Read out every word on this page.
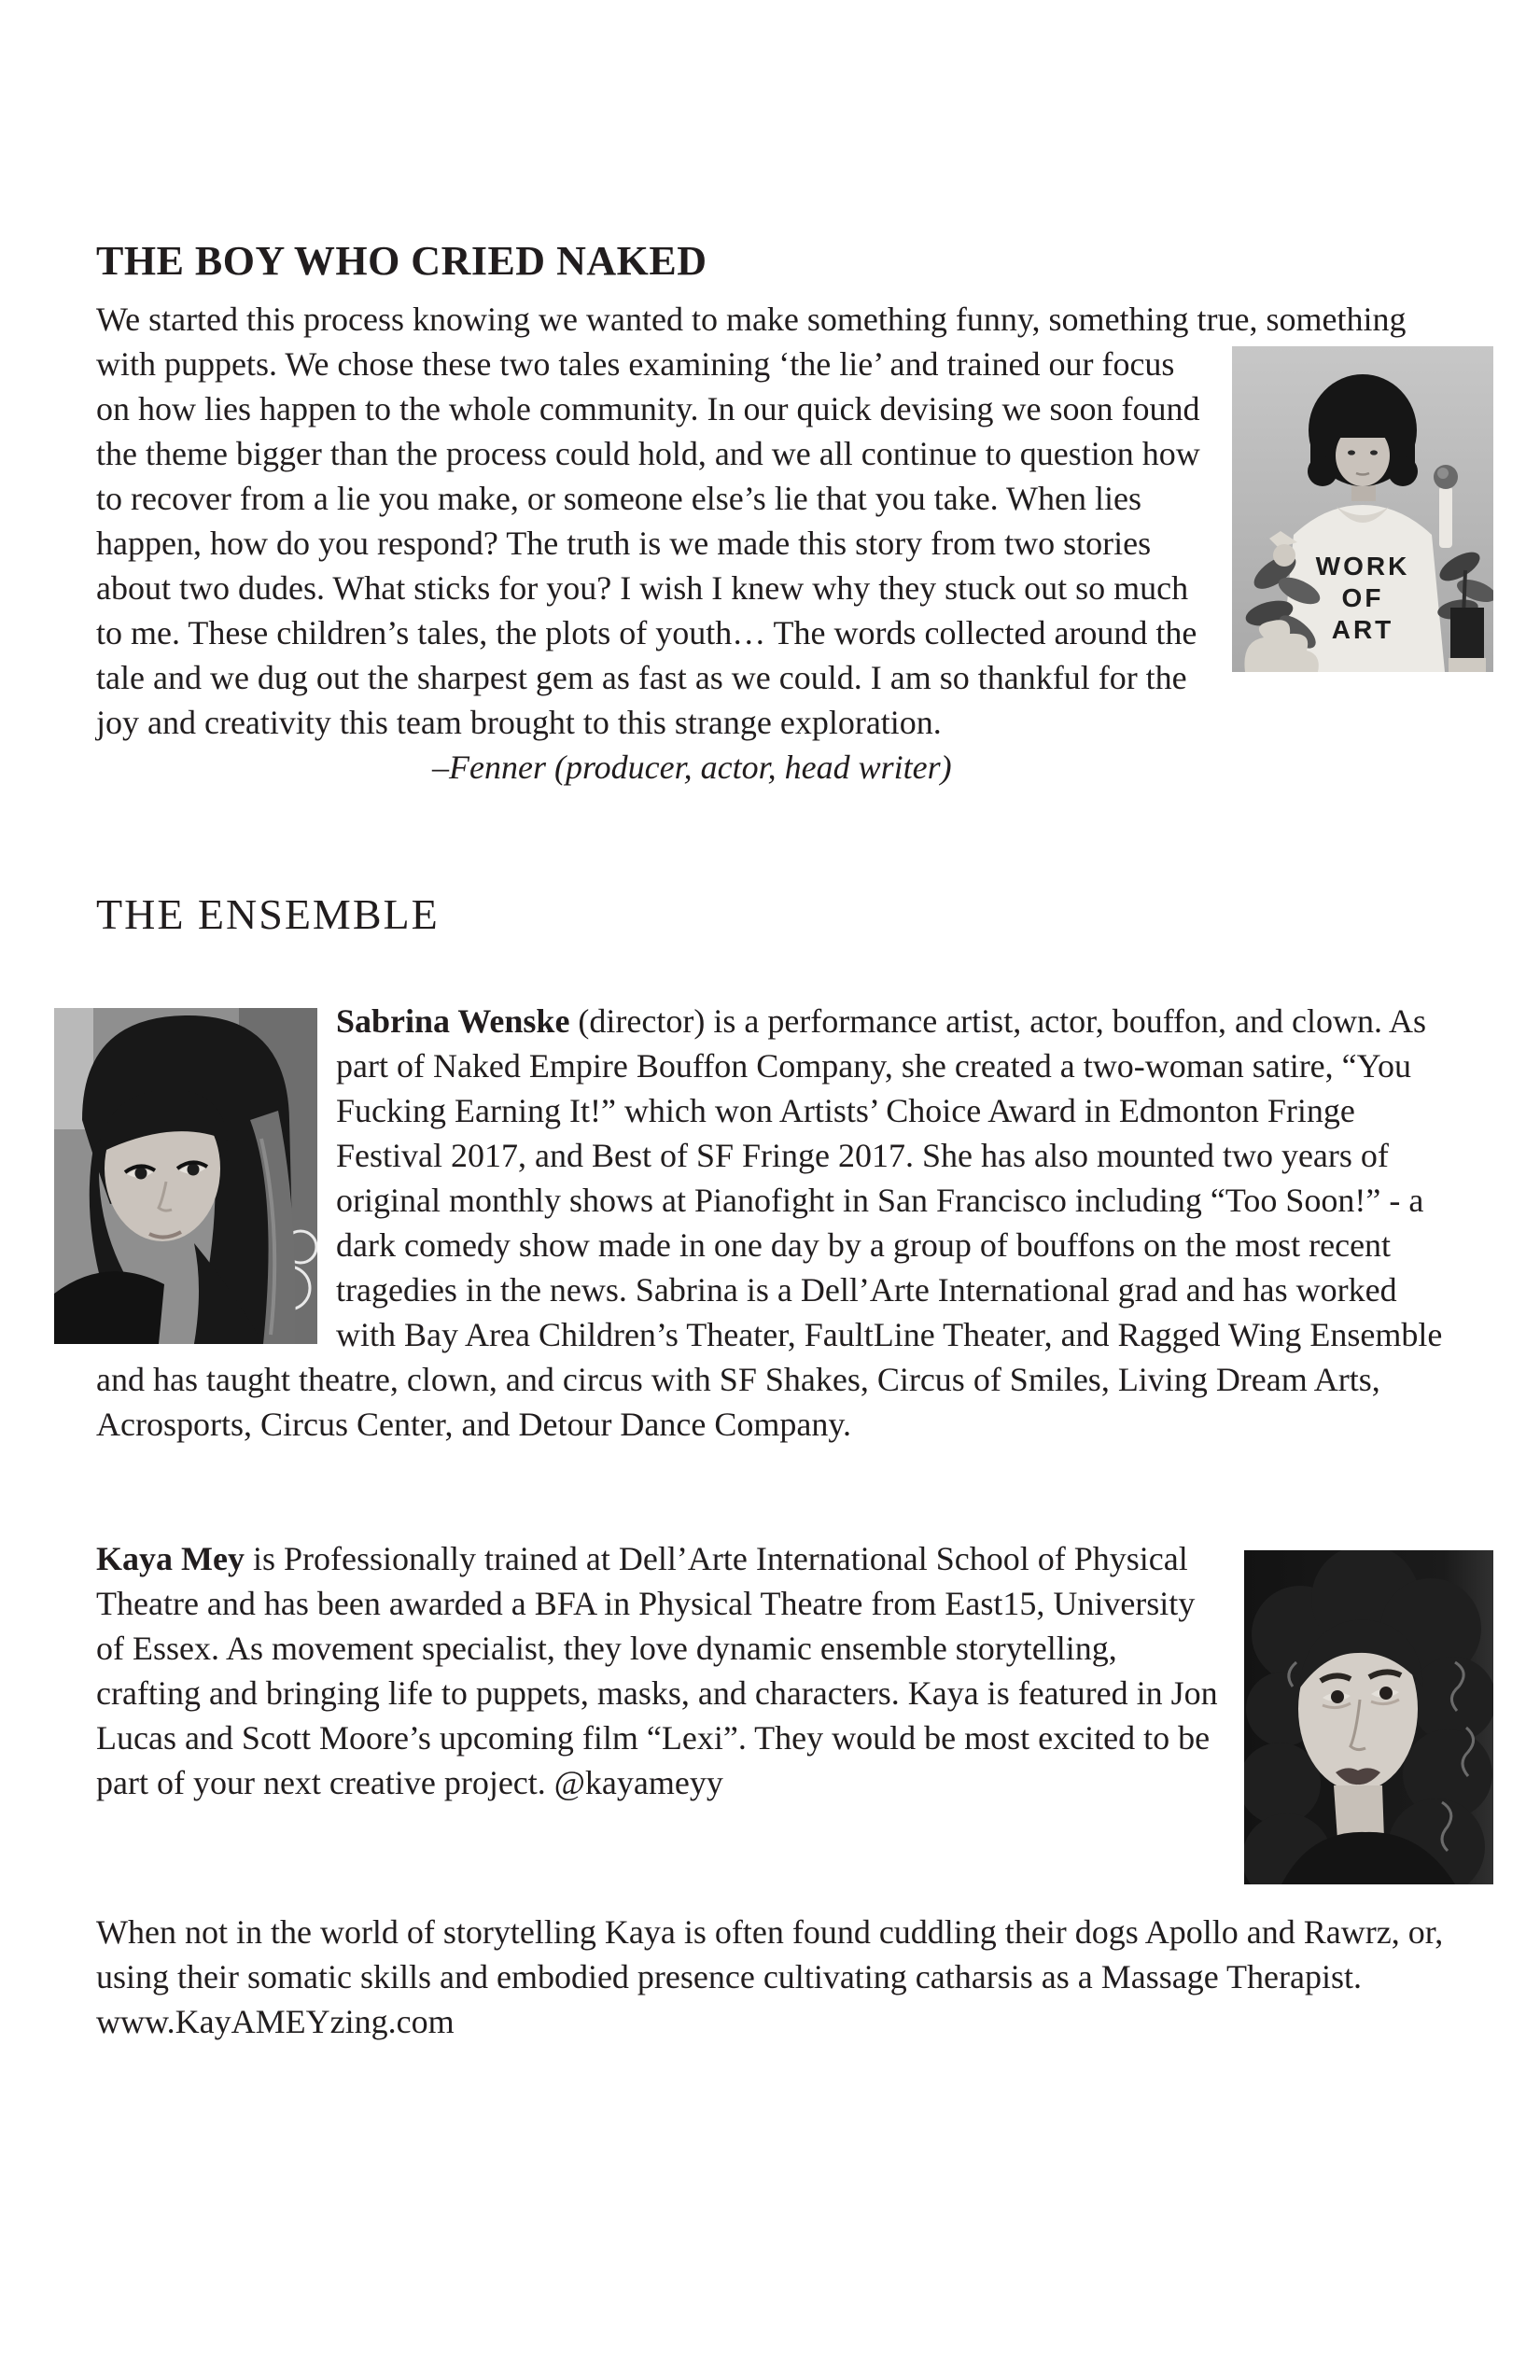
THE BOY WHO CRIED NAKED

WORK
OF
ART
We started this process knowing we wanted to make something funny, something true, something with puppets. We chose these two tales examining ‘the lie’ and trained our focus on how lies happen to the whole community. In our quick devising we soon found the theme bigger than the process could hold, and we all continue to question how to recover from a lie you make, or someone else’s lie that you take. When lies happen, how do you respond? The truth is we made this story from two stories about two dudes. What sticks for you? I wish I knew why they stuck out so much to me. These children’s tales, the plots of youth… The words collected around the tale and we dug out the sharpest gem as fast as we could. I am so thankful for the joy and creativity this team brought to this strange exploration. –Fenner (producer, actor, head writer)

THE ENSEMBLE

Sabrina Wenske (director) is a performance artist, actor, bouffon, and clown. As part of Naked Empire Bouffon Company, she created a two-woman satire, “You Fucking Earning It!” which won Artists’ Choice Award in Edmonton Fringe Festival 2017, and Best of SF Fringe 2017. She has also mounted two years of original monthly shows at Pianofight in San Francisco including “Too Soon!” - a dark comedy show made in one day by a group of bouffons on the most recent tragedies in the news. Sabrina is a Dell’Arte International grad and has worked with Bay Area Children’s Theater, FaultLine Theater, and Ragged Wing Ensemble and has taught theatre, clown, and circus with SF Shakes, Circus of Smiles, Living Dream Arts, Acrosports, Circus Center, and Detour Dance Company.

Kaya Mey is Professionally trained at Dell’Arte International School of Physical Theatre and has been awarded a BFA in Physical Theatre from East15, University of Essex. As movement specialist, they love dynamic ensemble storytelling, crafting and bringing life to puppets, masks, and characters. Kaya is featured in Jon Lucas and Scott Moore’s upcoming film “Lexi”. They would be most excited to be part of your next creative project. @kayameyy

When not in the world of storytelling Kaya is often found cuddling their dogs Apollo and Rawrz, or, using their somatic skills and embodied presence cultivating catharsis as a Massage Therapist. www.KayAMEYzing.com
